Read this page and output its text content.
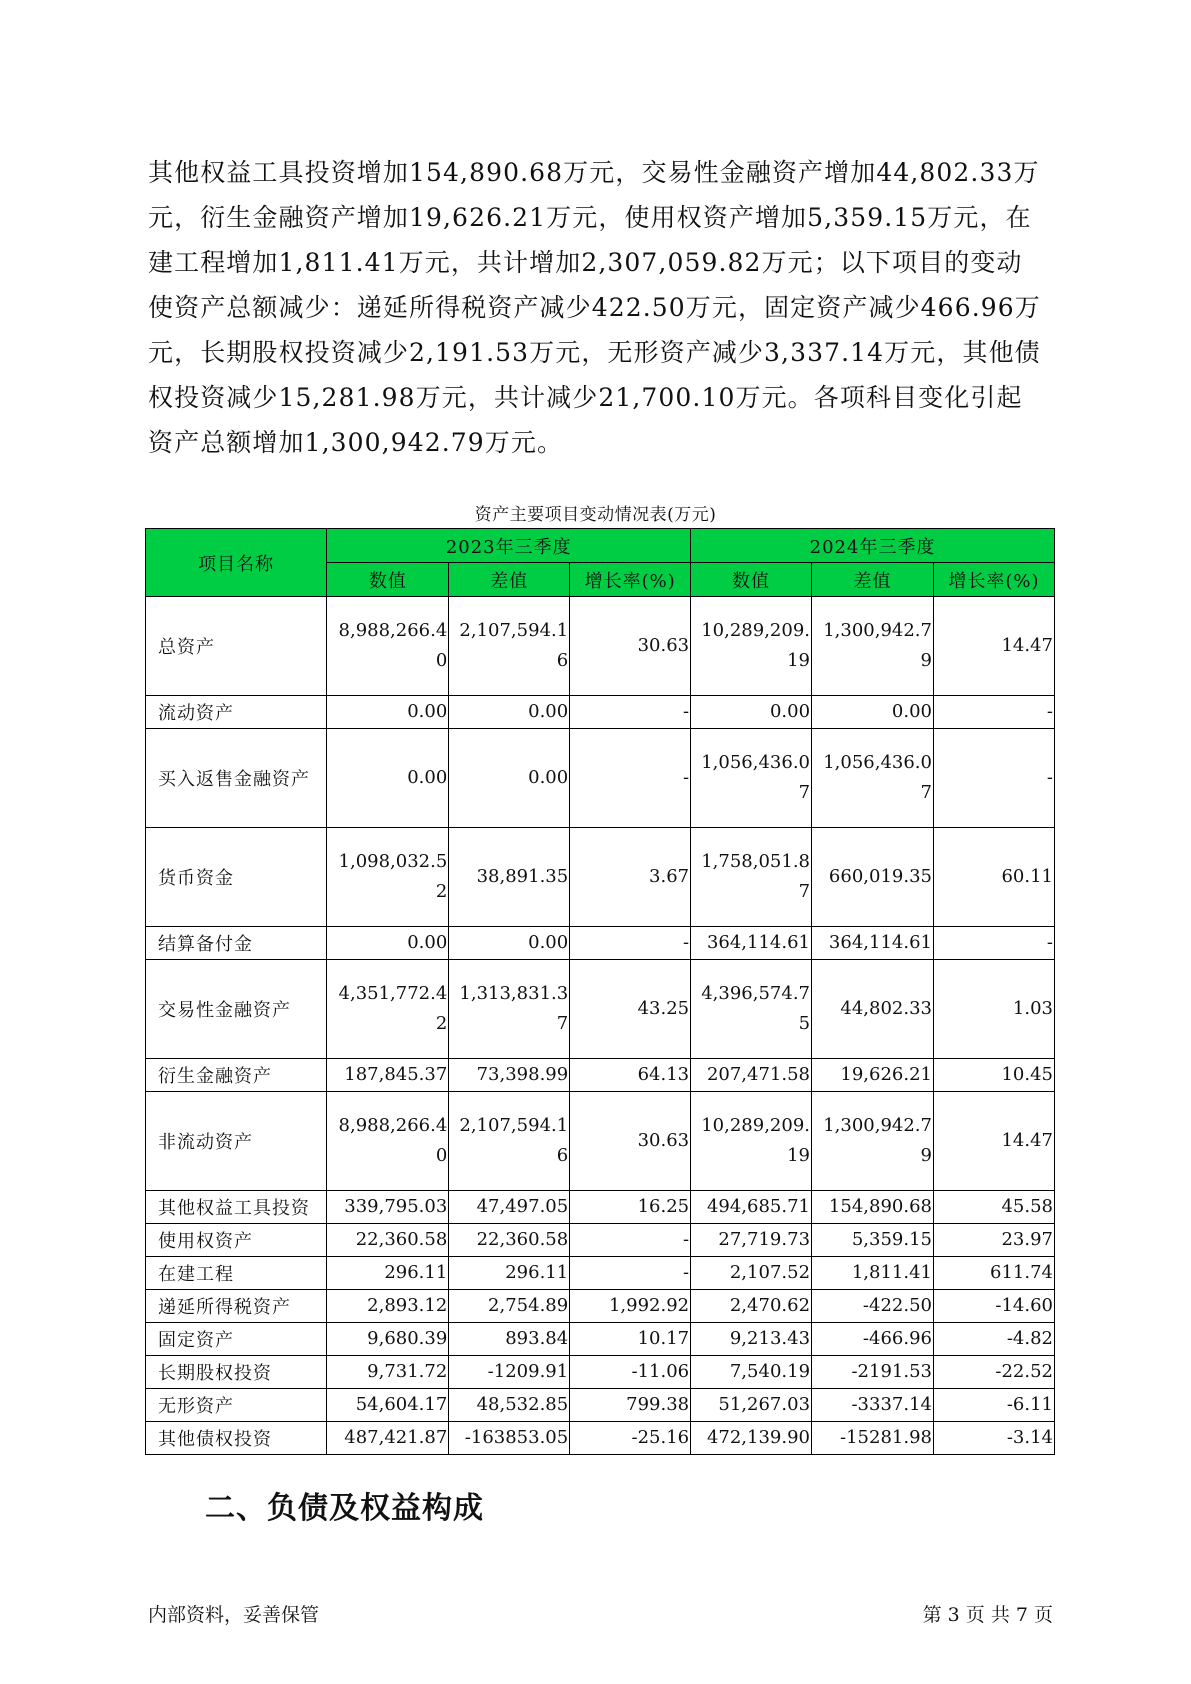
其他权益工具投资增加154,890.68万元，交易性金融资产增加44,802.33万元，衍生金融资产增加19,626.21万元，使用权资产增加5,359.15万元，在建工程增加1,811.41万元，共计增加2,307,059.82万元；以下项目的变动使资产总额减少：递延所得税资产减少422.50万元，固定资产减少466.96万元，长期股权投资减少2,191.53万元，无形资产减少3,337.14万元，其他债权投资减少15,281.98万元，共计减少21,700.10万元。各项科目变化引起资产总额增加1,300,942.79万元。

资产主要项目变动情况表(万元)
项目名称	2023年三季度			2024年三季度		
	数值	差值	增长率(%)	数值	差值	增长率(%)
总资产	8,988,266.40	2,107,594.16	30.63	10,289,209.19	1,300,942.79	14.47
流动资产	0.00	0.00	-	0.00	0.00	-
买入返售金融资产	0.00	0.00	-	1,056,436.07	1,056,436.07	-
货币资金	1,098,032.52	38,891.35	3.67	1,758,051.87	660,019.35	60.11
结算备付金	0.00	0.00	-	364,114.61	364,114.61	-
交易性金融资产	4,351,772.42	1,313,831.37	43.25	4,396,574.75	44,802.33	1.03
衍生金融资产	187,845.37	73,398.99	64.13	207,471.58	19,626.21	10.45
非流动资产	8,988,266.40	2,107,594.16	30.63	10,289,209.19	1,300,942.79	14.47
其他权益工具投资	339,795.03	47,497.05	16.25	494,685.71	154,890.68	45.58
使用权资产	22,360.58	22,360.58	-	27,719.73	5,359.15	23.97
在建工程	296.11	296.11	-	2,107.52	1,811.41	611.74
递延所得税资产	2,893.12	2,754.89	1,992.92	2,470.62	-422.50	-14.60
固定资产	9,680.39	893.84	10.17	9,213.43	-466.96	-4.82
长期股权投资	9,731.72	-1209.91	-11.06	7,540.19	-2191.53	-22.52
无形资产	54,604.17	48,532.85	799.38	51,267.03	-3337.14	-6.11
其他债权投资	487,421.87	-163853.05	-25.16	472,139.90	-15281.98	-3.14
二、负债及权益构成
内部资料，妥善保管	第 3 页 共 7 页
